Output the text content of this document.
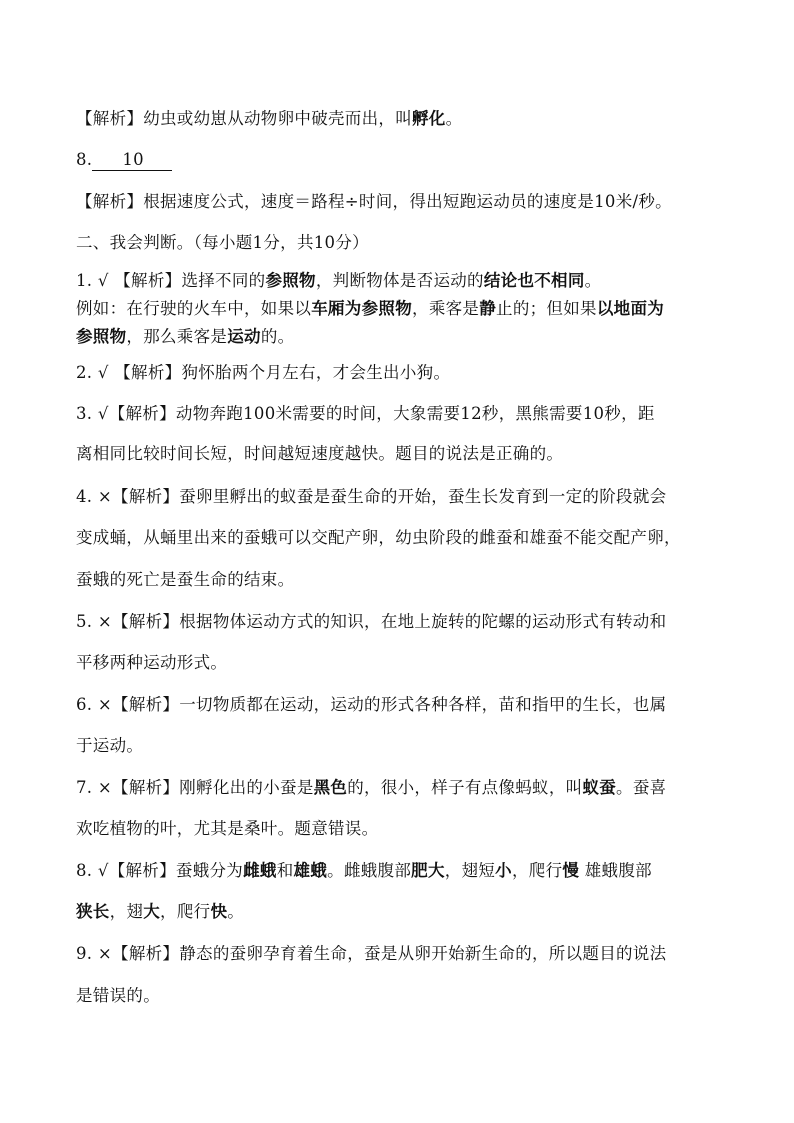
【解析】幼虫或幼崽从动物卵中破壳而出，叫孵化。
8. 10
【解析】根据速度公式，速度＝路程÷时间，得出短跑运动员的速度是10米/秒。
二、我会判断。（每小题1分，共10分）
1. √ 【解析】选择不同的参照物，判断物体是否运动的结论也不相同。
例如：在行驶的火车中，如果以车厢为参照物，乘客是静止的；但如果以地面为
参照物，那么乘客是运动的。
2. √ 【解析】狗怀胎两个月左右，才会生出小狗。
3. √【解析】动物奔跑100米需要的时间，大象需要12秒，黑熊需要10秒，距
离相同比较时间长短，时间越短速度越快。题目的说法是正确的。
4. ×【解析】蚕卵里孵出的蚁蚕是蚕生命的开始，蚕生长发育到一定的阶段就会
变成蛹，从蛹里出来的蚕蛾可以交配产卵，幼虫阶段的雌蚕和雄蚕不能交配产卵，
蚕蛾的死亡是蚕生命的结束。
5. ×【解析】根据物体运动方式的知识，在地上旋转的陀螺的运动形式有转动和
平移两种运动形式。
6. ×【解析】一切物质都在运动，运动的形式各种各样，苗和指甲的生长，也属
于运动。
7. ×【解析】刚孵化出的小蚕是黑色的，很小，样子有点像蚂蚁，叫蚁蚕。蚕喜
欢吃植物的叶，尤其是桑叶。题意错误。
8. √【解析】蚕蛾分为雌蛾和雄蛾。雌蛾腹部肥大，翅短小，爬行慢 雄蛾腹部
狭长，翅大，爬行快。
9. ×【解析】静态的蚕卵孕育着生命，蚕是从卵开始新生命的，所以题目的说法
是错误的。
